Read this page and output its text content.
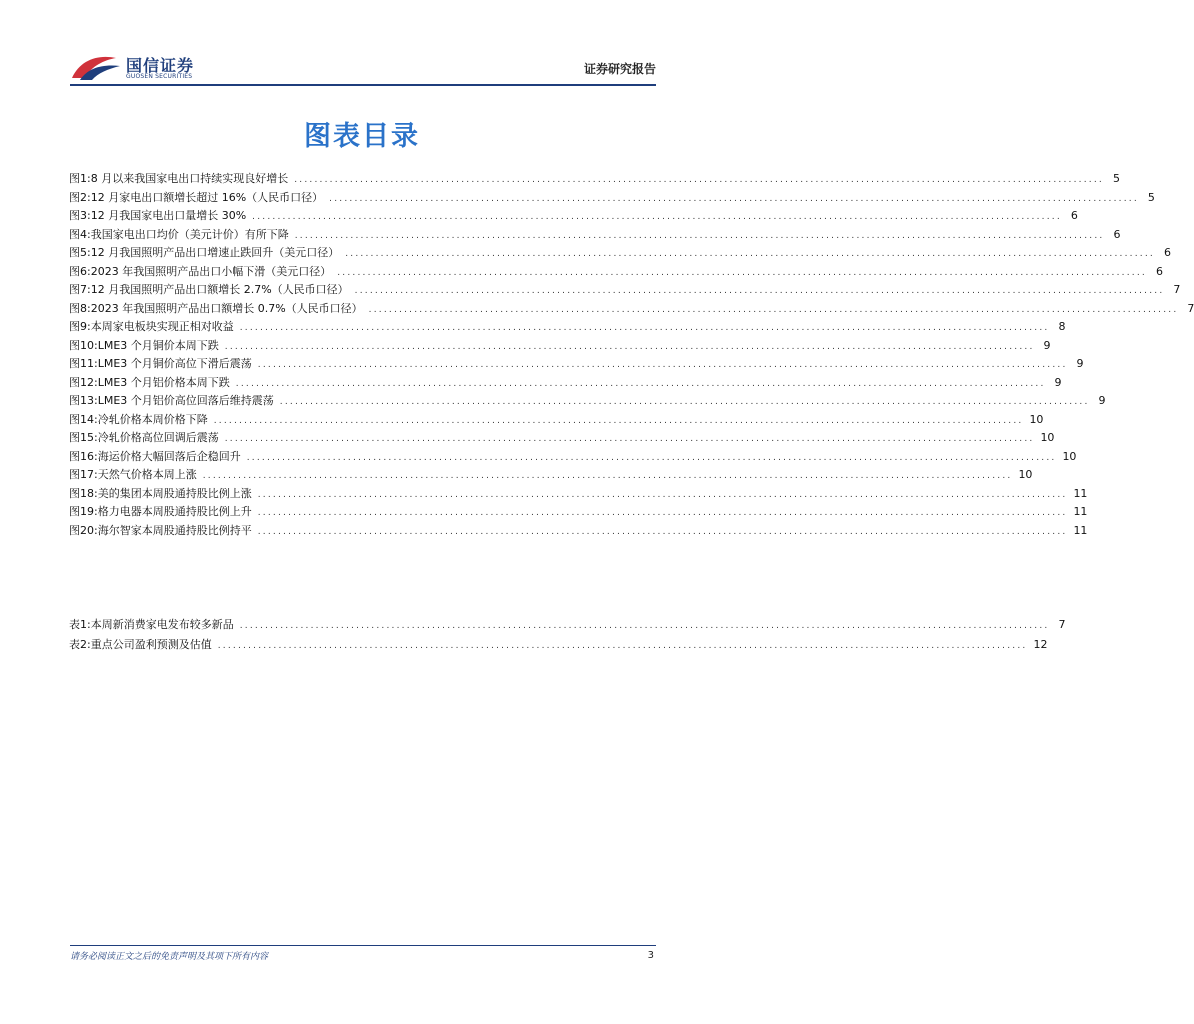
国信证券
GUOSEN SECURITIES
证券研究报告
图表目录
图1: 8 月以来我国家电出口持续实现良好增长 ................................................................................................................................................................ 5
图2: 12 月家电出口额增长超过 16%（人民币口径） ................................................................................................................................................................ 5
图3: 12 月我国家电出口量增长 30% ................................................................................................................................................................ 6
图4: 我国家电出口均价（美元计价）有所下降 ................................................................................................................................................................ 6
图5: 12 月我国照明产品出口增速止跌回升（美元口径） ................................................................................................................................................................ 6
图6: 2023 年我国照明产品出口小幅下滑（美元口径） ................................................................................................................................................................ 6
图7: 12 月我国照明产品出口额增长 2.7%（人民币口径） ................................................................................................................................................................ 7
图8: 2023 年我国照明产品出口额增长 0.7%（人民币口径） ................................................................................................................................................................ 7
图9: 本周家电板块实现正相对收益 ................................................................................................................................................................ 8
图10: LME3 个月铜价本周下跌 ................................................................................................................................................................ 9
图11: LME3 个月铜价高位下滑后震荡 ................................................................................................................................................................ 9
图12: LME3 个月铝价格本周下跌 ................................................................................................................................................................ 9
图13: LME3 个月铝价高位回落后维持震荡 ................................................................................................................................................................ 9
图14: 冷轧价格本周价格下降 ................................................................................................................................................................ 10
图15: 冷轧价格高位回调后震荡 ................................................................................................................................................................ 10
图16: 海运价格大幅回落后企稳回升 ................................................................................................................................................................ 10
图17: 天然气价格本周上涨 ................................................................................................................................................................ 10
图18: 美的集团本周股通持股比例上涨 ................................................................................................................................................................ 11
图19: 格力电器本周股通持股比例上升 ................................................................................................................................................................ 11
图20: 海尔智家本周股通持股比例持平 ................................................................................................................................................................ 11
表1: 本周新消费家电发布较多新品 ................................................................................................................................................................ 7
表2: 重点公司盈利预测及估值 ................................................................................................................................................................ 12
请务必阅读正文之后的免责声明及其项下所有内容	3
